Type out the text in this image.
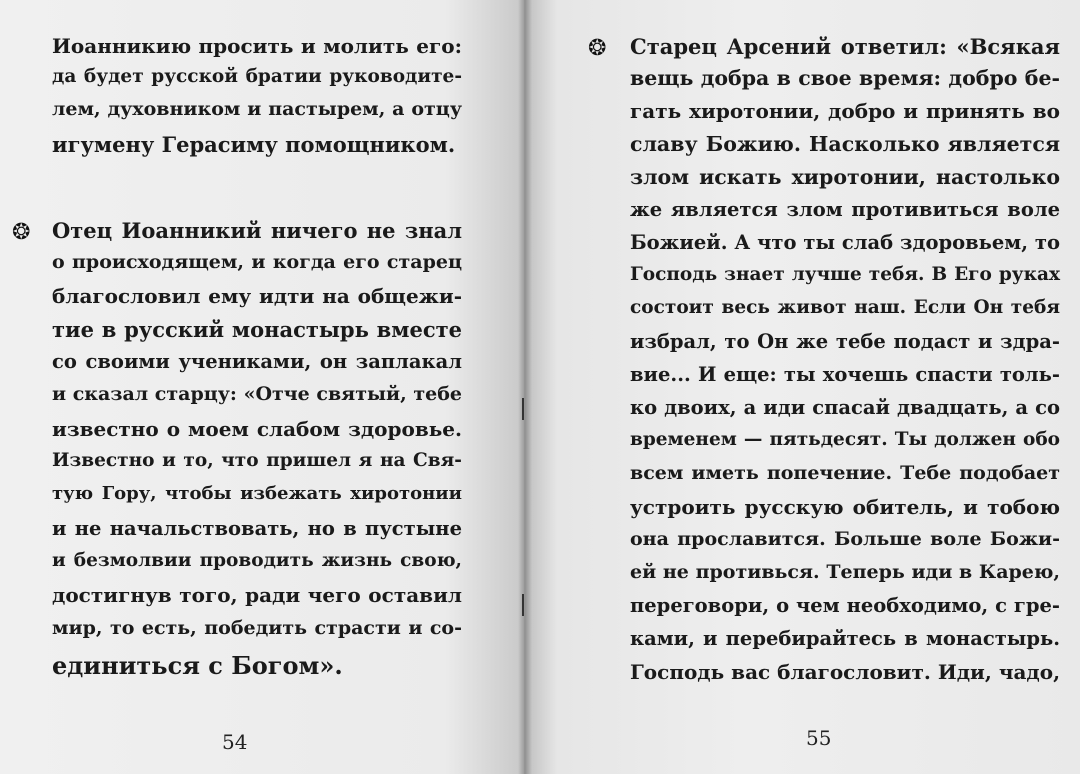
Иоанникию просить и молить его:

да будет русской братии руководите-

лем, духовником и пастырем, а отцу

игумену Герасиму помощником.

❂ Отец Иоанникий ничего не знал

о происходящем, и когда его старец

благословил ему идти на общежи-

тие в русский монастырь вместе

со своими учениками, он заплакал

и сказал старцу: «Отче святый, тебе

известно о моем слабом здоровье.

Известно и то, что пришел я на Свя-

тую Гору, чтобы избежать хиротонии

и не начальствовать, но в пустыне

и безмолвии проводить жизнь свою,

достигнув того, ради чего оставил

мир, то есть, победить страсти и со-

единиться с Богом».

54
❂ Старец Арсений ответил: «Всякая

вещь добра в свое время: добро бе-

гать хиротонии, добро и принять во

славу Божию. Насколько является

злом искать хиротонии, настолько

же является злом противиться воле

Божией. А что ты слаб здоровьем, то

Господь знает лучше тебя. В Его руках

состоит весь живот наш. Если Он тебя

избрал, то Он же тебе подаст и здра-

вие... И еще: ты хочешь спасти толь-

ко двоих, а иди спасай двадцать, а со

временем — пятьдесят. Ты должен обо

всем иметь попечение. Тебе подобает

устроить русскую обитель, и тобою

она прославится. Больше воле Божи-

ей не противься. Теперь иди в Карею,

переговори, о чем необходимо, с гре-

ками, и перебирайтесь в монастырь.

Господь вас благословит. Иди, чадо,

55
